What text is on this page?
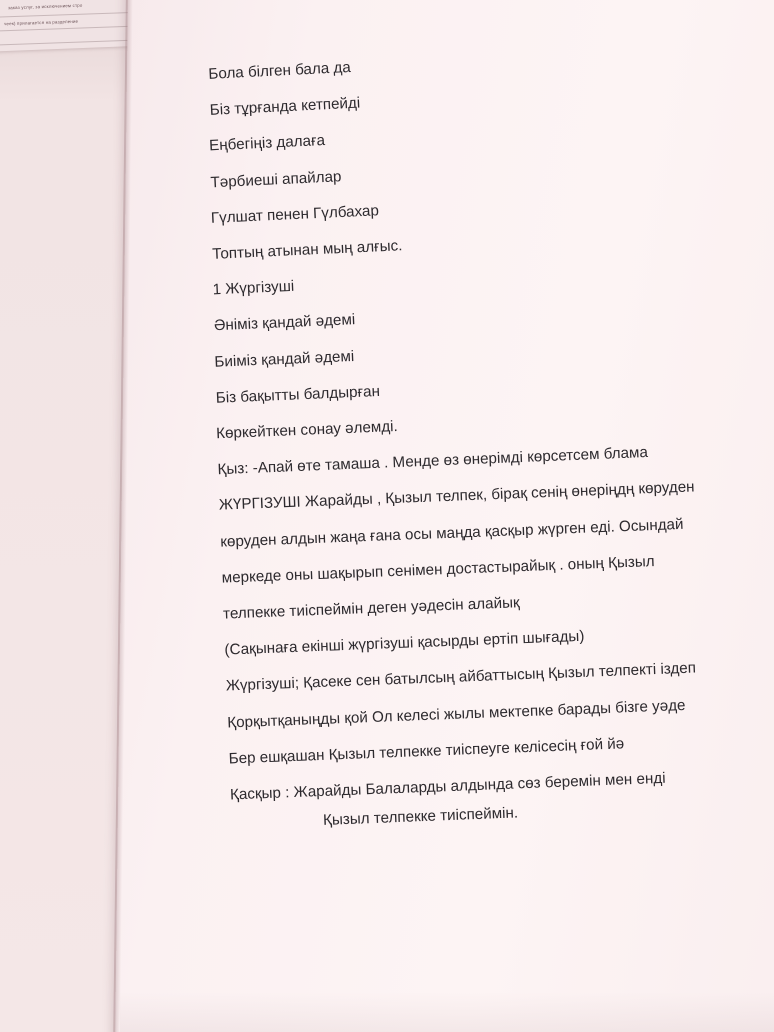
заказ услуг, за исключением стро
чеек) прилагается на разделение
Бола білген бала да
Біз тұрғанда кетпейді
Еңбегіңіз далаға
Тәрбиеші апайлар
Гүлшат пенен Гүлбахар
Топтың атынан мың алғыс.
1 Жүргізуші
Әніміз қандай әдемі
Биіміз қандай әдемі
Біз бақытты балдырған
Көркейткен сонау әлемді.
Қыз: -Апай өте тамаша . Менде өз өнерімді көрсетсем блама
ЖҮРГІЗУШІ Жарайды , Қызыл телпек, бірақ сенің өнеріңдң көруден
көруден алдын жаңа ғана осы маңда қасқыр жүрген еді. Осындай
меркеде оны шақырып сенімен достастырайық . оның Қызыл
телпекке тиіспеймін деген уәдесін алайық
(Сақынаға екінші жүргізуші қасырды ертіп шығады)
Жүргізуші; Қасеке сен батылсың айбаттысың Қызыл телпекті іздеп
Қорқытқаныңды қой Ол келесі жылы мектепке барады бізге уәде
Бер ешқашан Қызыл телпекке тиіспеуге келісесің ғой йә
Қасқыр : Жарайды Балаларды алдында сөз беремін мен енді
Қызыл телпекке тиіспеймін.
